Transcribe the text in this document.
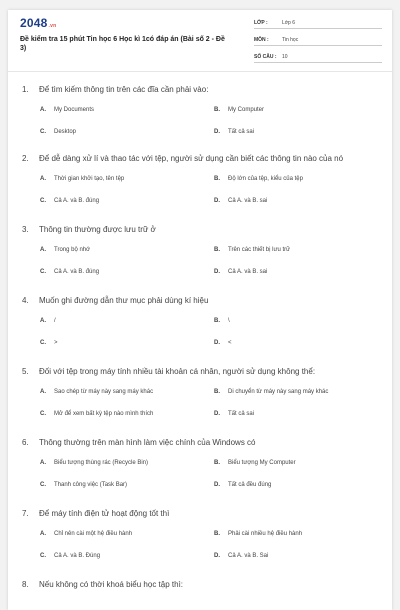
2048.vn
Đề kiểm tra 15 phút Tin học 6 Học kì 1có đáp án (Bài số 2 - Đề 3)
LỚP :	Lớp 6
MÔN :	Tin học
SỐ CÂU :	10
1.	Để tìm kiếm thông tin trên các đĩa cần phải vào:
A.	My Documents	B.	My Computer
C.	Desktop	D.	Tất cả sai
2.	Để dễ dàng xử lí và thao tác với tệp, người sử dụng cần biết các thông tin nào của nó
A.	Thời gian khởi tạo, tên tệp	B.	Độ lớn của tệp, kiểu của tệp
C.	Cả A. và B. đúng	D.	Cả A. và B. sai
3.	Thông tin thường được lưu trữ ở
A.	Trong bộ nhớ	B.	Trên các thiết bị lưu trữ
C.	Cả A. và B. đúng	D.	Cả A. và B. sai
4.	Muốn ghi đường dẫn thư mục phải dùng kí hiệu
A.	/	B.	\
C.	>	D.	<
5.	Đối với tệp trong máy tính nhiều tài khoản cá nhân, người sử dụng không thể:
A.	Sao chép từ máy này sang máy khác	B.	Di chuyển từ máy này sang máy khác
C.	Mở để xem bất kỳ tệp nào mình thích	D.	Tất cả sai
6.	Thông thường trên màn hình làm việc chính của Windows có
A.	Biểu tượng thùng rác (Recycle Bin)	B.	Biểu tượng My Computer
C.	Thanh công việc (Task Bar)	D.	Tất cả đều đúng
7.	Để máy tính điện tử hoạt động tốt thì
A.	Chỉ nên cài một hệ điều hành	B.	Phải cài nhiều hệ điều hành
C.	Cả A. và B. Đúng	D.	Cả A. và B. Sai
8.	Nếu không có thời khoá biểu học tập thì:
